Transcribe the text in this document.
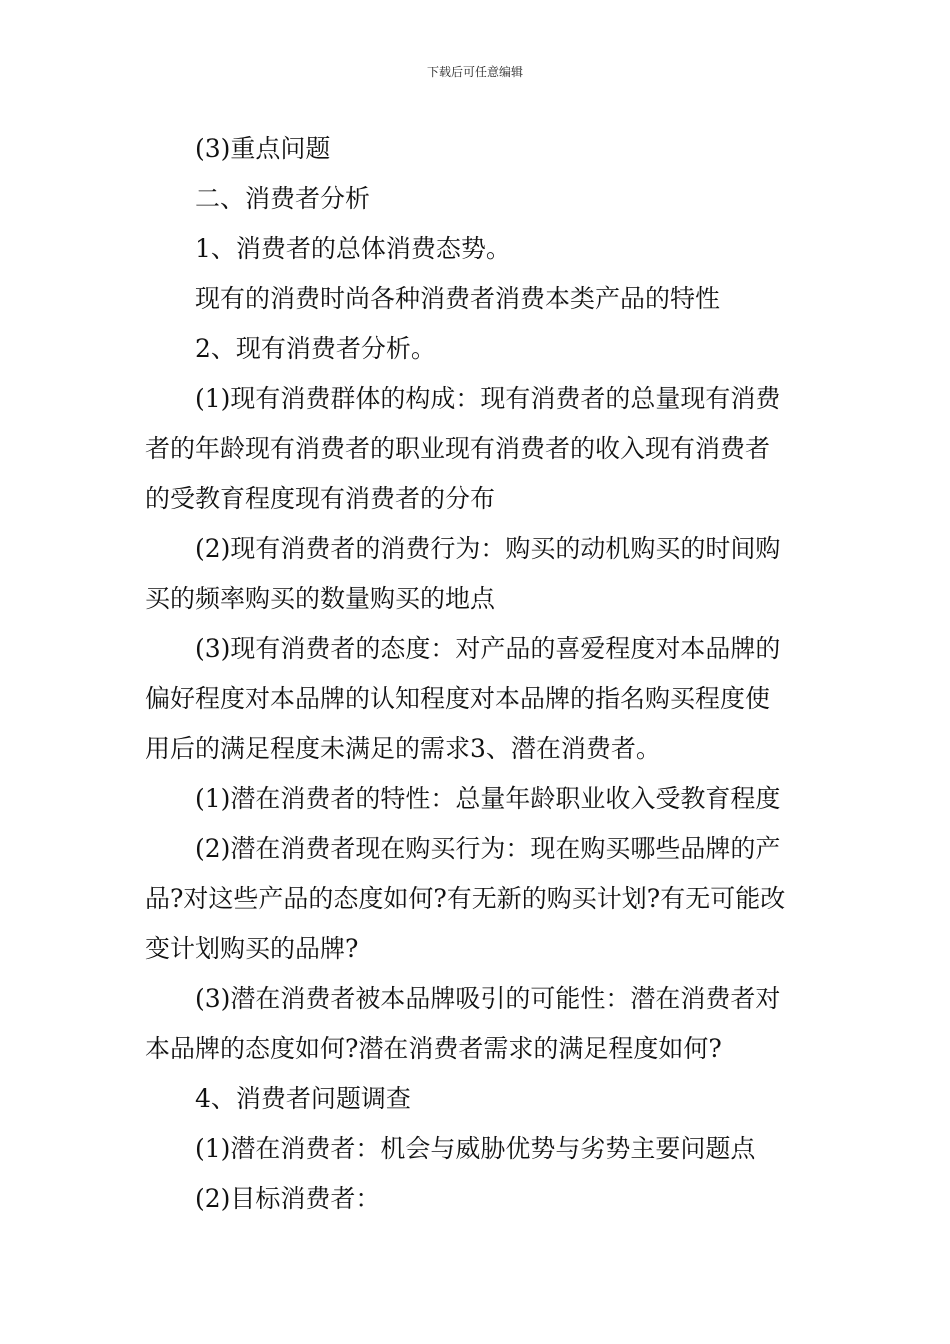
下载后可任意编辑
(3)重点问题
二、消费者分析
1、消费者的总体消费态势。
现有的消费时尚各种消费者消费本类产品的特性
2、现有消费者分析。
(1)现有消费群体的构成：现有消费者的总量现有消费
者的年龄现有消费者的职业现有消费者的收入现有消费者
的受教育程度现有消费者的分布
(2)现有消费者的消费行为：购买的动机购买的时间购
买的频率购买的数量购买的地点
(3)现有消费者的态度：对产品的喜爱程度对本品牌的
偏好程度对本品牌的认知程度对本品牌的指名购买程度使
用后的满足程度未满足的需求3、潜在消费者。
(1)潜在消费者的特性：总量年龄职业收入受教育程度
(2)潜在消费者现在购买行为：现在购买哪些品牌的产
品?对这些产品的态度如何?有无新的购买计划?有无可能改
变计划购买的品牌?
(3)潜在消费者被本品牌吸引的可能性：潜在消费者对
本品牌的态度如何?潜在消费者需求的满足程度如何?
4、消费者问题调查
(1)潜在消费者：机会与威胁优势与劣势主要问题点
(2)目标消费者：
